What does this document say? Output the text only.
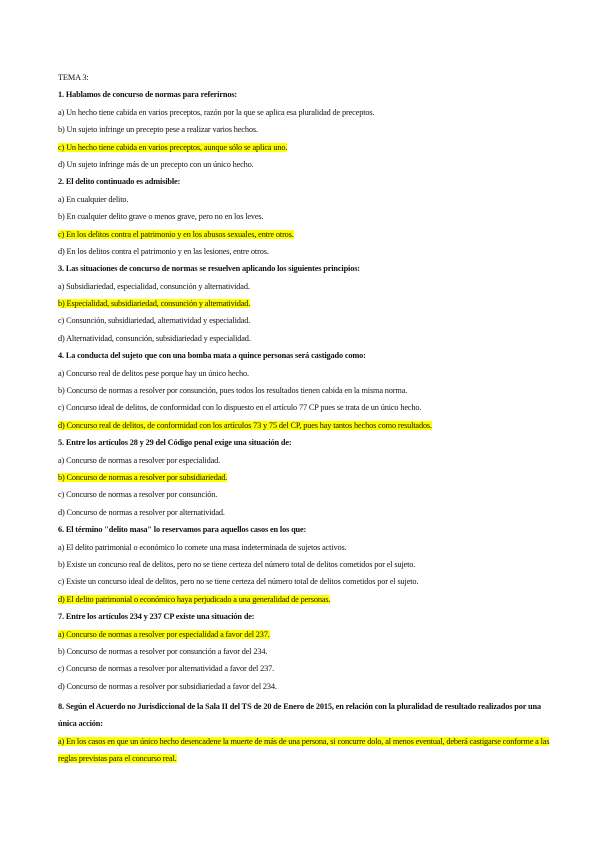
TEMA 3:

1. Hablamos de concurso de normas para referirnos:

a) Un hecho tiene cabida en varios preceptos, razón por la que se aplica esa pluralidad de preceptos.

b) Un sujeto infringe un precepto pese a realizar varios hechos.

c) Un hecho tiene cabida en varios preceptos, aunque sólo se aplica uno.

d) Un sujeto infringe más de un precepto con un único hecho.

2. El delito continuado es admisible:

a) En cualquier delito.

b) En cualquier delito grave o menos grave, pero no en los leves.

c) En los delitos contra el patrimonio y en los abusos sexuales, entre otros.

d) En los delitos contra el patrimonio y en las lesiones, entre otros.

3. Las situaciones de concurso de normas se resuelven aplicando los siguientes principios:

a) Subsidiariedad, especialidad, consunción y alternatividad.

b) Especialidad, subsidiariedad, consunción y alternatividad.

c) Consunción, subsidiariedad, alternatividad y especialidad.

d) Alternatividad, consunción, subsidiariedad y especialidad.

4. La conducta del sujeto que con una bomba mata a quince personas será castigado como:

a) Concurso real de delitos pese porque hay un único hecho.

b) Concurso de normas a resolver por consunción, pues todos los resultados tienen cabida en la misma norma.

c) Concurso ideal de delitos, de conformidad con lo dispuesto en el artículo 77 CP pues se trata de un único hecho.

d) Concurso real de delitos, de conformidad con los artículos 73 y 75 del CP, pues hay tantos hechos como resultados.

5. Entre los artículos 28 y 29 del Código penal exige una situación de:

a) Concurso de normas a resolver por especialidad.

b) Concurso de normas a resolver por subsidiariedad.

c) Concurso de normas a resolver por consunción.

d) Concurso de normas a resolver por alternatividad.

6. El término "delito masa" lo reservamos para aquellos casos en los que:

a) El delito patrimonial o económico lo comete una masa indeterminada de sujetos activos.

b) Existe un concurso real de delitos, pero no se tiene certeza del número total de delitos cometidos por el sujeto.

c) Existe un concurso ideal de delitos, pero no se tiene certeza del número total de delitos cometidos por el sujeto.

d) El delito patrimonial o económico haya perjudicado a una generalidad de personas.

7. Entre los artículos 234 y 237 CP existe una situación de:

a) Concurso de normas a resolver por especialidad a favor del 237.

b) Concurso de normas a resolver por consunción a favor del 234.

c) Concurso de normas a resolver por alternatividad a favor del 237.

d) Concurso de normas a resolver por subsidiariedad a favor del 234.

8. Según el Acuerdo no Jurisdiccional de la Sala II del TS de 20 de Enero de 2015, en relación con la pluralidad de resultado realizados por una única acción:

a) En los casos en que un único hecho desencadene la muerte de más de una persona, si concurre dolo, al menos eventual, deberá castigarse conforme a las reglas previstas para el concurso real.
